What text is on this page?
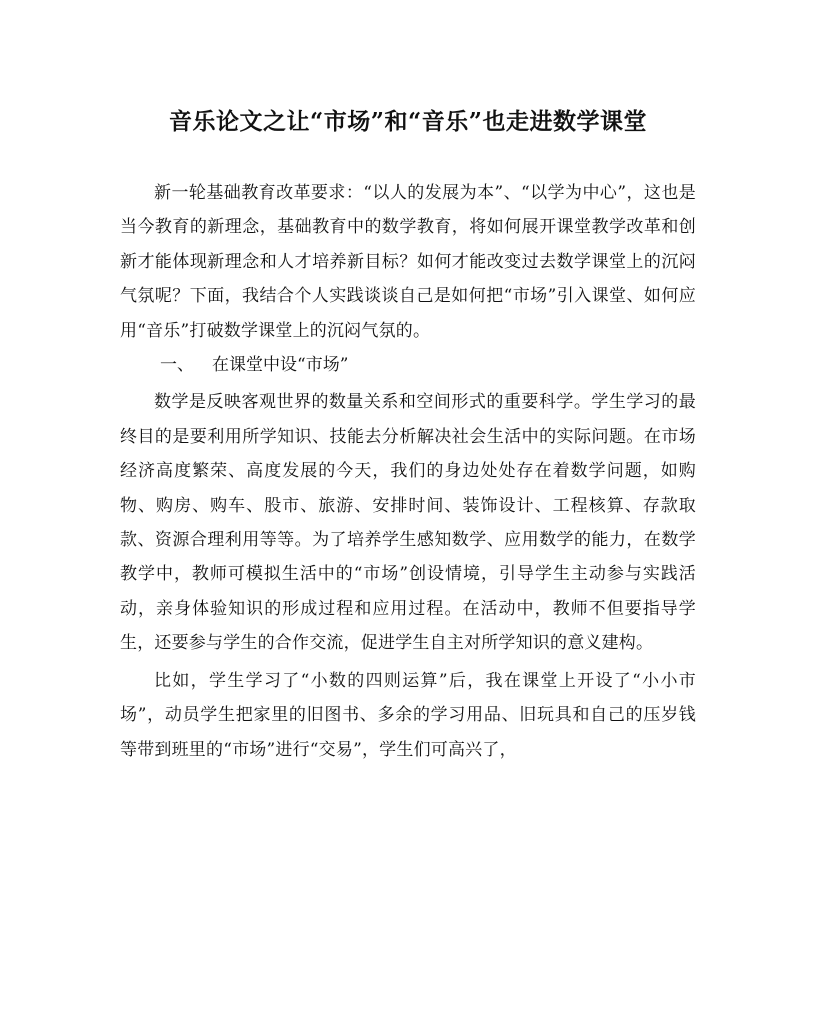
音乐论文之让“市场”和“音乐”也走进数学课堂

新一轮基础教育改革要求：“以人的发展为本”、“以学为中心”，这也是当今教育的新理念，基础教育中的数学教育，将如何展开课堂教学改革和创新才能体现新理念和人才培养新目标？如何才能改变过去数学课堂上的沉闷气氛呢？下面，我结合个人实践谈谈自己是如何把“市场”引入课堂、如何应用“音乐”打破数学课堂上的沉闷气氛的。

一、 在课堂中设“市场”

数学是反映客观世界的数量关系和空间形式的重要科学。学生学习的最终目的是要利用所学知识、技能去分析解决社会生活中的实际问题。在市场经济高度繁荣、高度发展的今天，我们的身边处处存在着数学问题，如购物、购房、购车、股市、旅游、安排时间、装饰设计、工程核算、存款取款、资源合理利用等等。为了培养学生感知数学、应用数学的能力，在数学教学中，教师可模拟生活中的“市场”创设情境，引导学生主动参与实践活动，亲身体验知识的形成过程和应用过程。在活动中，教师不但要指导学生，还要参与学生的合作交流，促进学生自主对所学知识的意义建构。

比如，学生学习了“小数的四则运算”后，我在课堂上开设了“小小市场”，动员学生把家里的旧图书、多余的学习用品、旧玩具和自己的压岁钱等带到班里的“市场”进行“交易”，学生们可高兴了，
